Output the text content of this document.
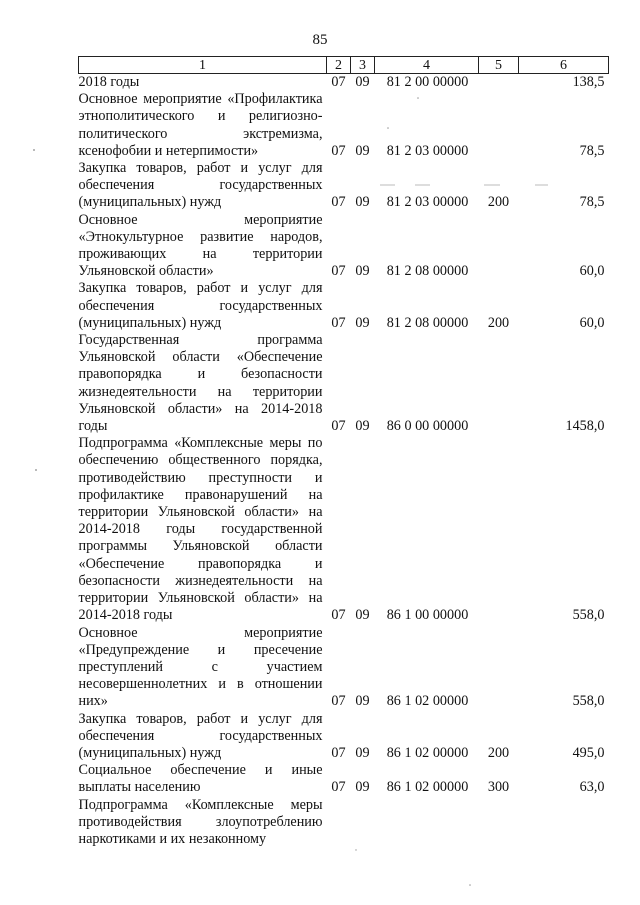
85
1	2	3	4	5	6
2018 годы	07	09	81 2 00 00000		138,5
Основное мероприятие «Профилактика этнополитического и религиозно-политического экстремизма, ксенофобии и нетерпимости»	07	09	81 2 03 00000		78,5
Закупка товаров, работ и услуг для обеспечения государственных (муниципальных) нужд	07	09	81 2 03 00000	200	78,5
Основное мероприятие «Этнокультурное развитие народов, проживающих на территории Ульяновской области»	07	09	81 2 08 00000		60,0
Закупка товаров, работ и услуг для обеспечения государственных (муниципальных) нужд	07	09	81 2 08 00000	200	60,0
Государственная программа Ульяновской области «Обеспечение правопорядка и безопасности жизнедеятельности на территории Ульяновской области» на 2014-2018 годы	07	09	86 0 00 00000		1458,0
Подпрограмма «Комплексные меры по обеспечению общественного порядка, противодействию преступности и профилактике правонарушений на территории Ульяновской области» на 2014-2018 годы государственной программы Ульяновской области «Обеспечение правопорядка и безопасности жизнедеятельности на территории Ульяновской области» на 2014-2018 годы	07	09	86 1 00 00000		558,0
Основное мероприятие «Предупреждение и пресечение преступлений с участием несовершеннолетних и в отношении них»	07	09	86 1 02 00000		558,0
Закупка товаров, работ и услуг для обеспечения государственных (муниципальных) нужд	07	09	86 1 02 00000	200	495,0
Социальное обеспечение и иные выплаты населению	07	09	86 1 02 00000	300	63,0
Подпрограмма «Комплексные меры противодействия злоупотреблению наркотиками и их незаконному					
